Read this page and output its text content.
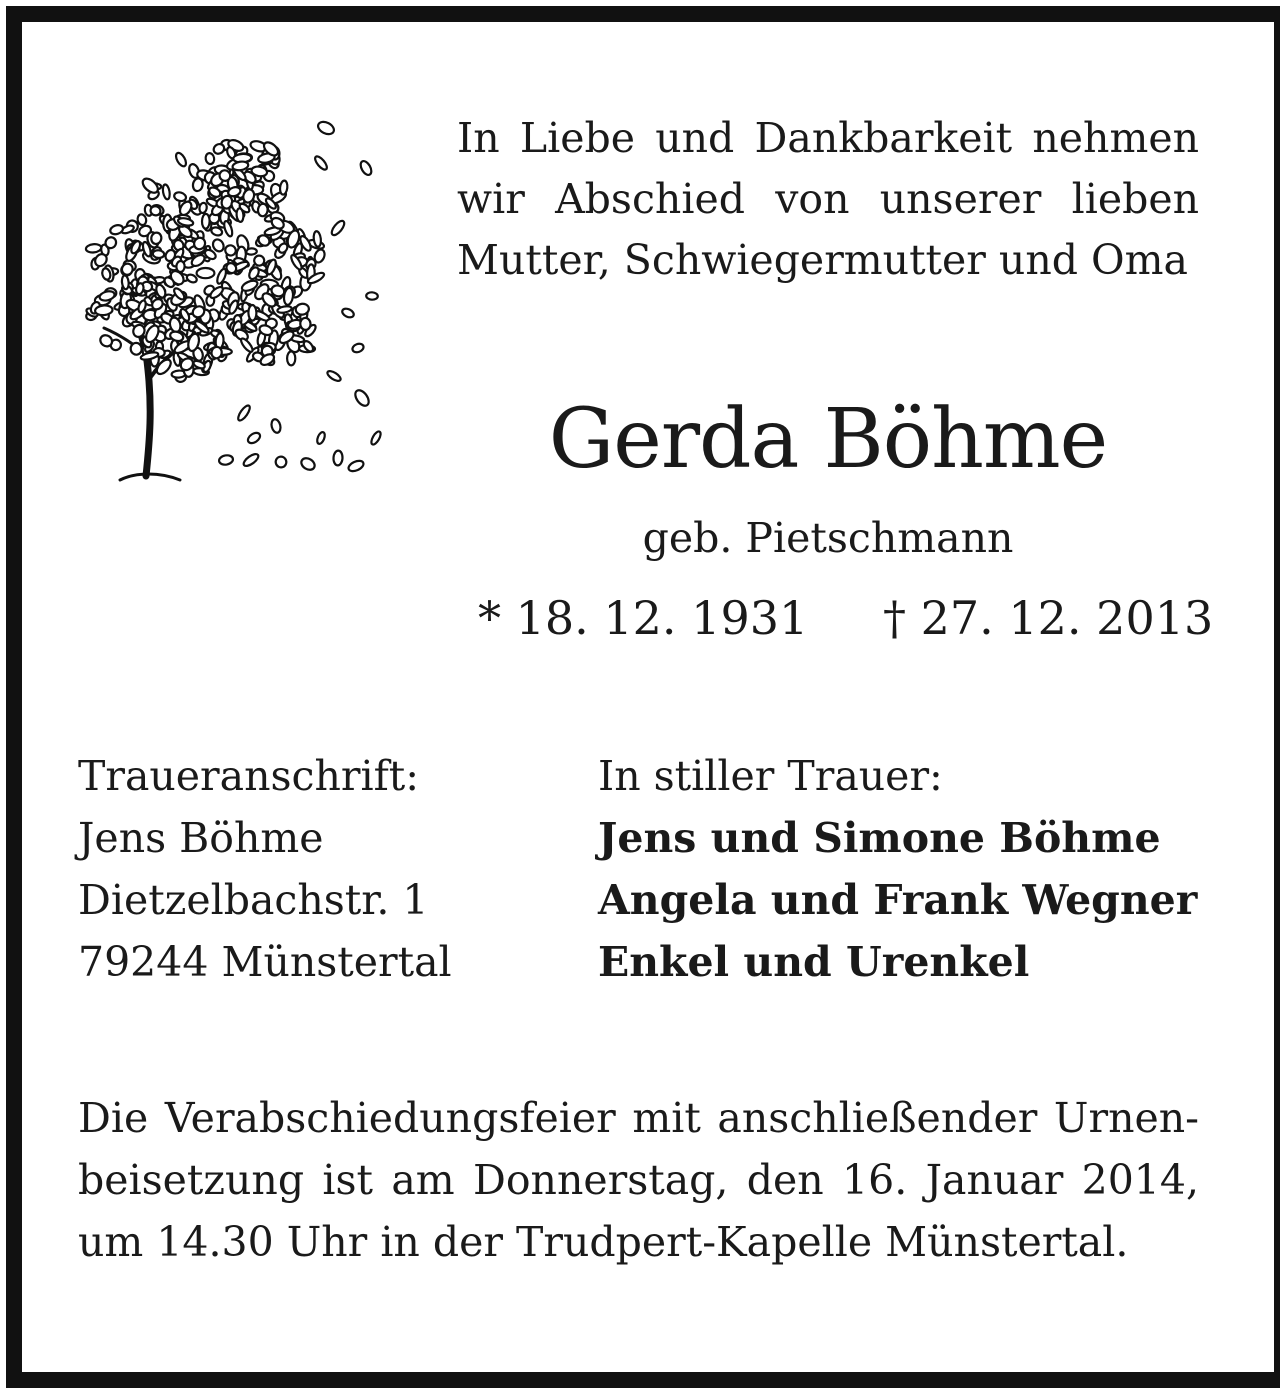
In Liebe und Dankbarkeit nehmen
wir Abschied von unserer lieben
Mutter, Schwiegermutter und Oma
Gerda Böhme
geb. Pietschmann
* 18. 12. 1931 † 27. 12. 2013
Traueranschrift:
Jens Böhme
Dietzelbachstr. 1
79244 Münstertal
In stiller Trauer:
Jens und Simone Böhme
Angela und Frank Wegner
Enkel und Urenkel
Die Verabschiedungsfeier mit anschließender Urnen-
beisetzung ist am Donnerstag, den 16. Januar 2014,
um 14.30 Uhr in der Trudpert-Kapelle Münstertal.
